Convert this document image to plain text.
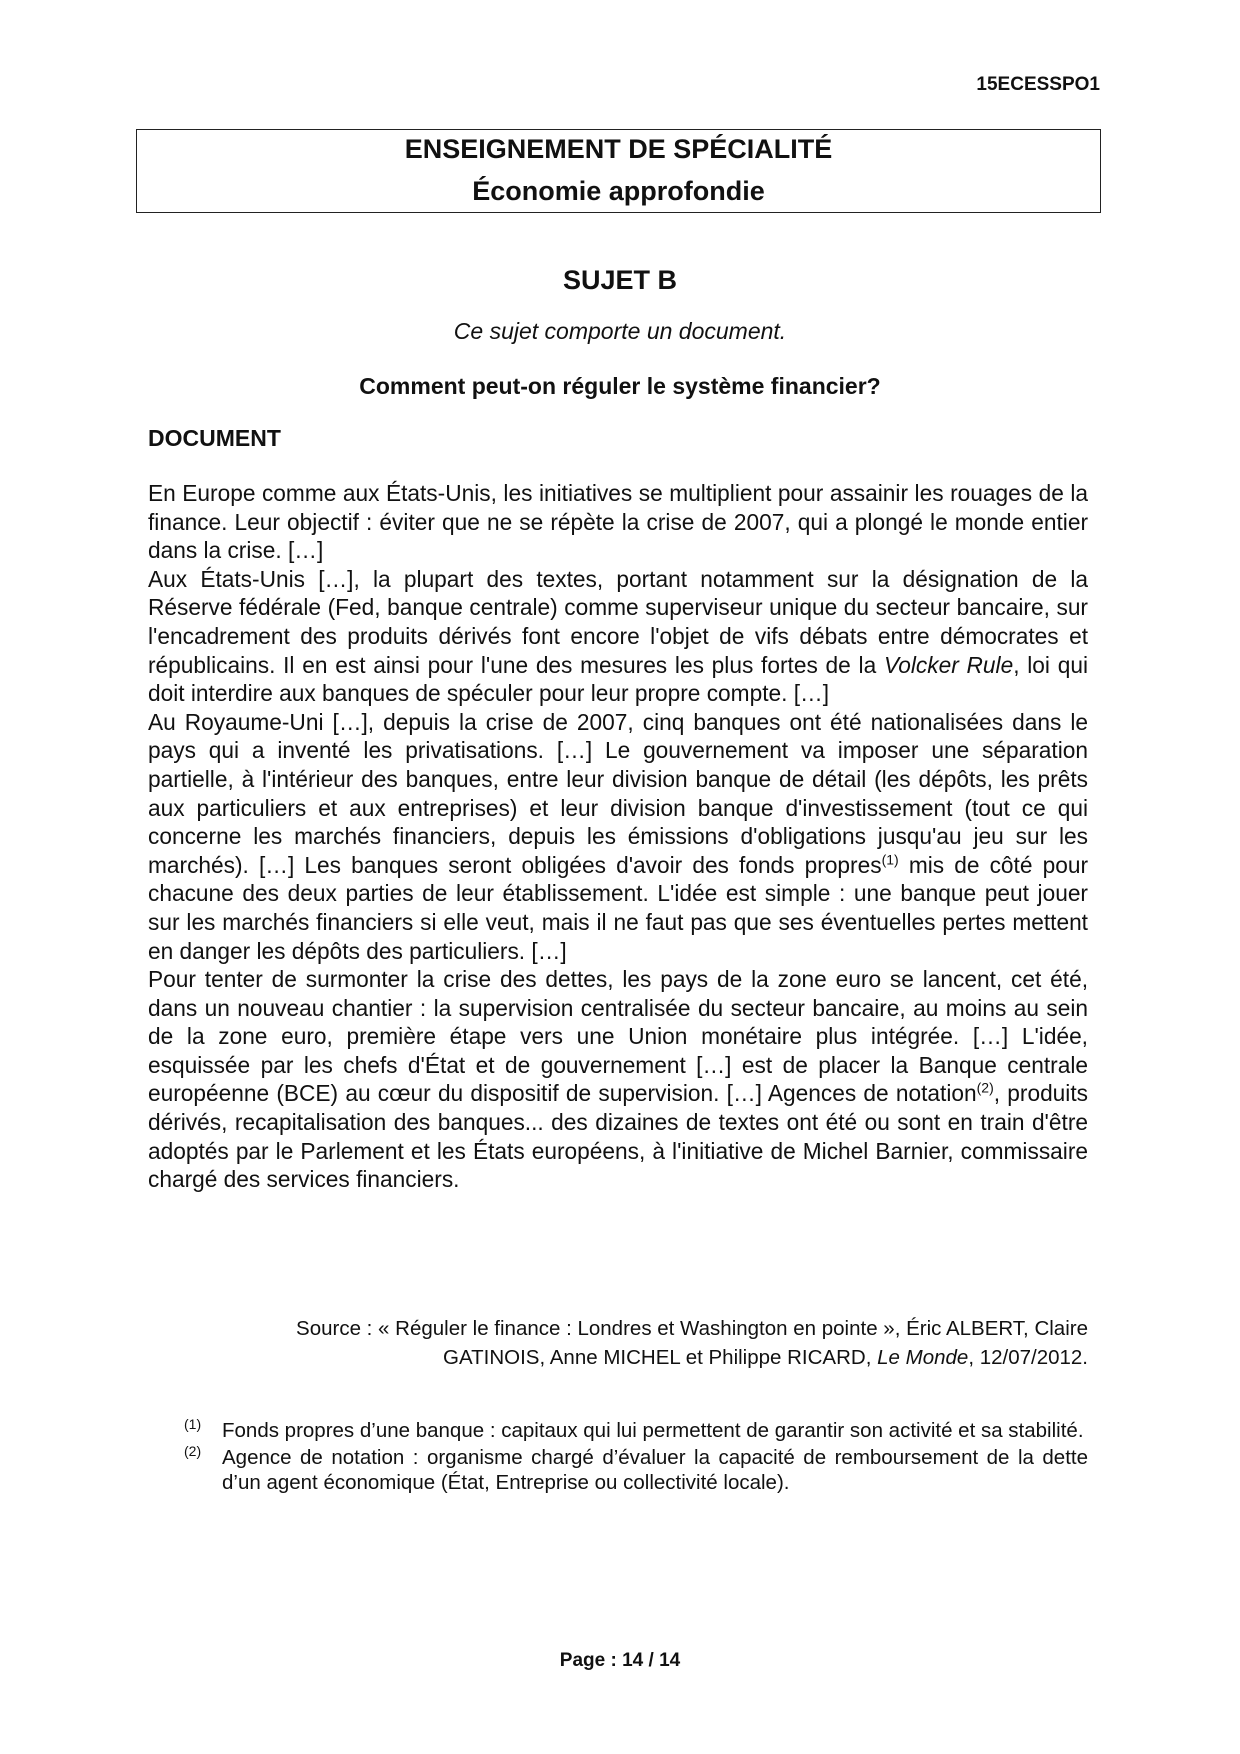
15ECESSPO1
ENSEIGNEMENT DE SPÉCIALITÉ
Économie approfondie
SUJET B
Ce sujet comporte un document.
Comment peut-on réguler le système financier?
DOCUMENT

En Europe comme aux États-Unis, les initiatives se multiplient pour assainir les rouages de la finance. Leur objectif : éviter que ne se répète la crise de 2007, qui a plongé le monde entier dans la crise. […]

Aux États-Unis […], la plupart des textes, portant notamment sur la désignation de la Réserve fédérale (Fed, banque centrale) comme superviseur unique du secteur bancaire, sur l'encadrement des produits dérivés font encore l'objet de vifs débats entre démocrates et républicains. Il en est ainsi pour l'une des mesures les plus fortes de la Volcker Rule, loi qui doit interdire aux banques de spéculer pour leur propre compte. […]

Au Royaume-Uni […], depuis la crise de 2007, cinq banques ont été nationalisées dans le pays qui a inventé les privatisations. […] Le gouvernement va imposer une séparation partielle, à l'intérieur des banques, entre leur division banque de détail (les dépôts, les prêts aux particuliers et aux entreprises) et leur division banque d'investissement (tout ce qui concerne les marchés financiers, depuis les émissions d'obligations jusqu'au jeu sur les marchés). […] Les banques seront obligées d'avoir des fonds propres$^{(1)}$ mis de côté pour chacune des deux parties de leur établissement. L'idée est simple : une banque peut jouer sur les marchés financiers si elle veut, mais il ne faut pas que ses éventuelles pertes mettent en danger les dépôts des particuliers. […]

Pour tenter de surmonter la crise des dettes, les pays de la zone euro se lancent, cet été, dans un nouveau chantier : la supervision centralisée du secteur bancaire, au moins au sein de la zone euro, première étape vers une Union monétaire plus intégrée. […] L'idée, esquissée par les chefs d'État et de gouvernement […] est de placer la Banque centrale européenne (BCE) au cœur du dispositif de supervision. […] Agences de notation$^{(2)}$, produits dérivés, recapitalisation des banques... des dizaines de textes ont été ou sont en train d'être adoptés par le Parlement et les États européens, à l'initiative de Michel Barnier, commissaire chargé des services financiers.

Source : « Réguler le finance : Londres et Washington en pointe », Éric ALBERT, Claire
GATINOIS, Anne MICHEL et Philippe RICARD, Le Monde, 12/07/2012.
(1) Fonds propres d’une banque : capitaux qui lui permettent de garantir son activité et sa stabilité.
(2) Agence de notation : organisme chargé d’évaluer la capacité de remboursement de la dette d’un agent économique (État, Entreprise ou collectivité locale).
Page : 14 / 14
